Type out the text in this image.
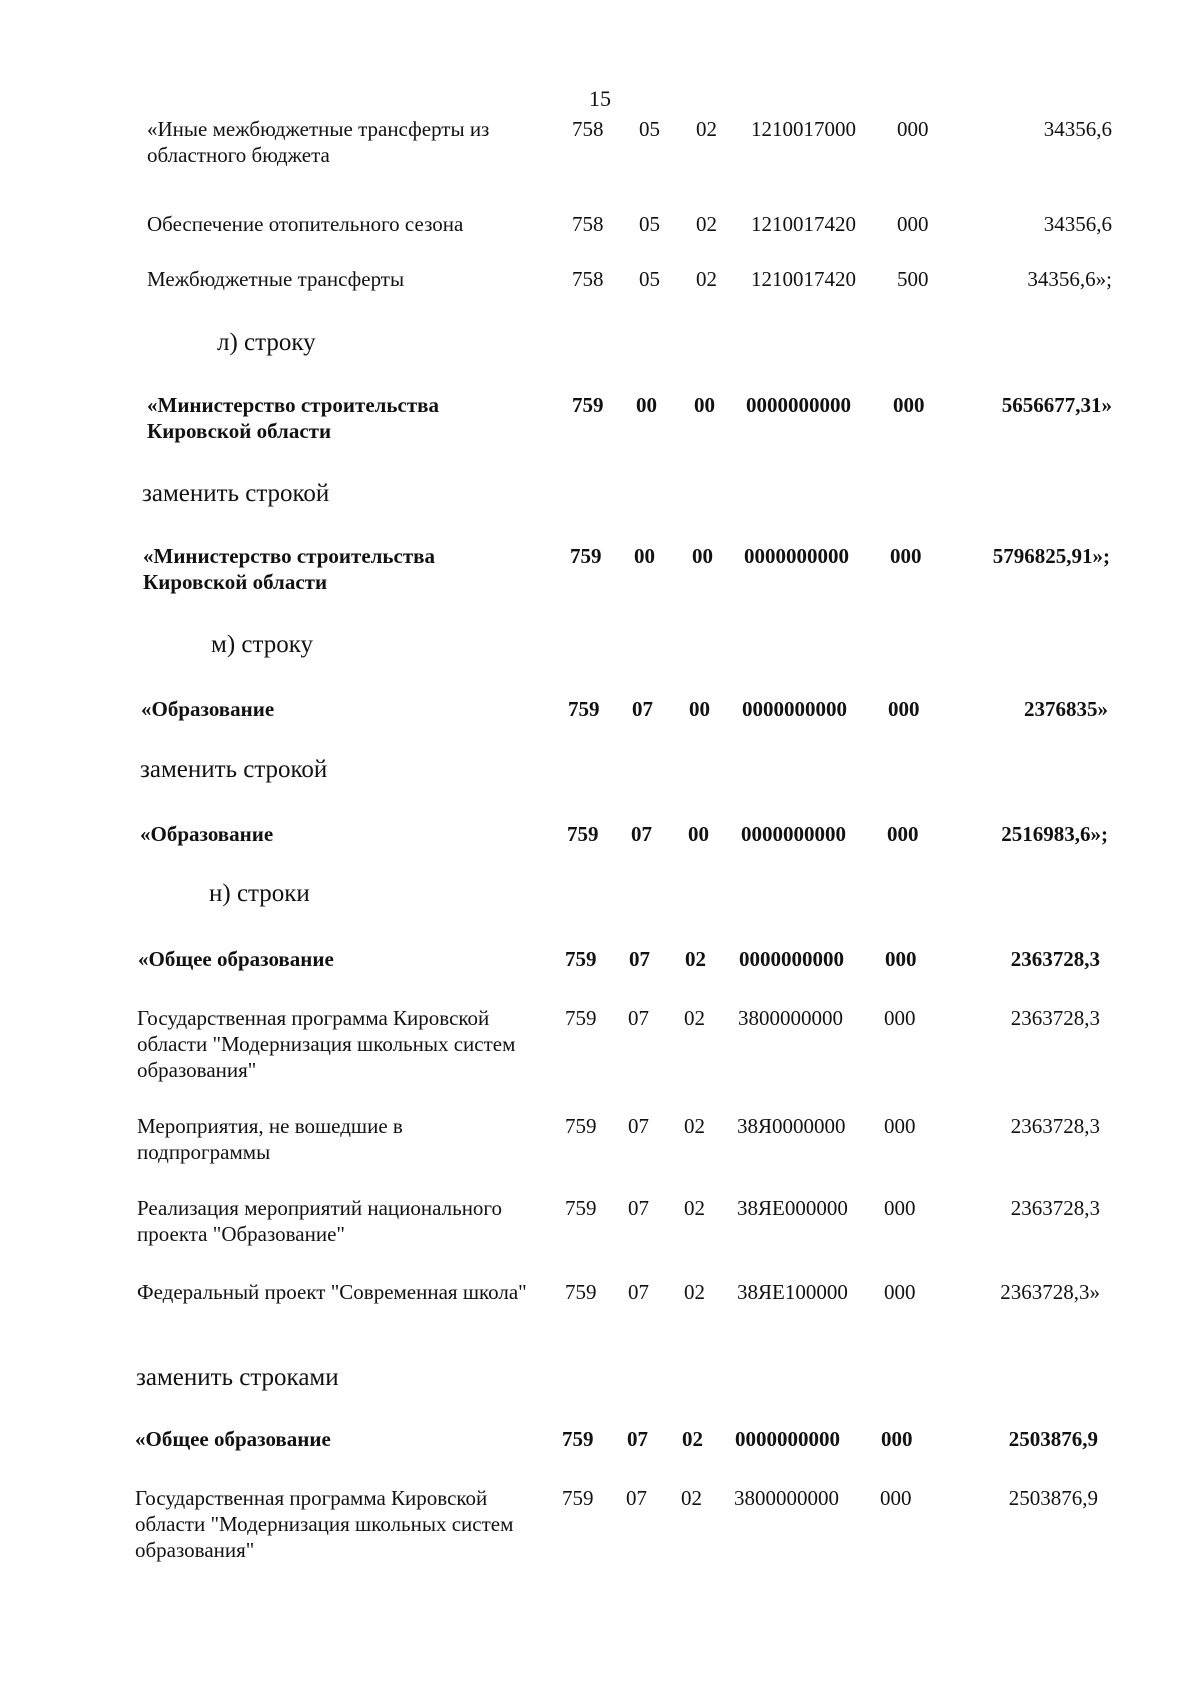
15
«Иные межбюджетные трансферты из областного бюджета
758 05 02 1210017000 000	34356,6
Обеспечение отопительного сезона	758 05 02 1210017420 000	34356,6
Межбюджетные трансферты	758 05 02 1210017420 500	34356,6»;
л) строку
«Министерство строительства Кировской области
759 00 00 0000000000 000	5656677,31»
заменить строкой
«Министерство строительства Кировской области
759 00 00 0000000000 000	5796825,91»;
м) строку
«Образование	759 07 00 0000000000 000	2376835»
заменить строкой
«Образование	759 07 00 0000000000 000	2516983,6»;
н) строки
«Общее образование	759 07 02 0000000000 000	2363728,3
Государственная программа Кировской области "Модернизация школьных систем образования"
759 07 02 3800000000 000	2363728,3
Мероприятия, не вошедшие в подпрограммы
759 07 02 38Я0000000 000	2363728,3
Реализация мероприятий национального проекта "Образование"
759 07 02 38ЯЕ000000 000	2363728,3
Федеральный проект "Современная школа"	759 07 02 38ЯЕ100000 000	2363728,3»
заменить строками
«Общее образование	759 07 02 0000000000 000	2503876,9
Государственная программа Кировской области "Модернизация школьных систем образования"
759 07 02 3800000000 000	2503876,9
